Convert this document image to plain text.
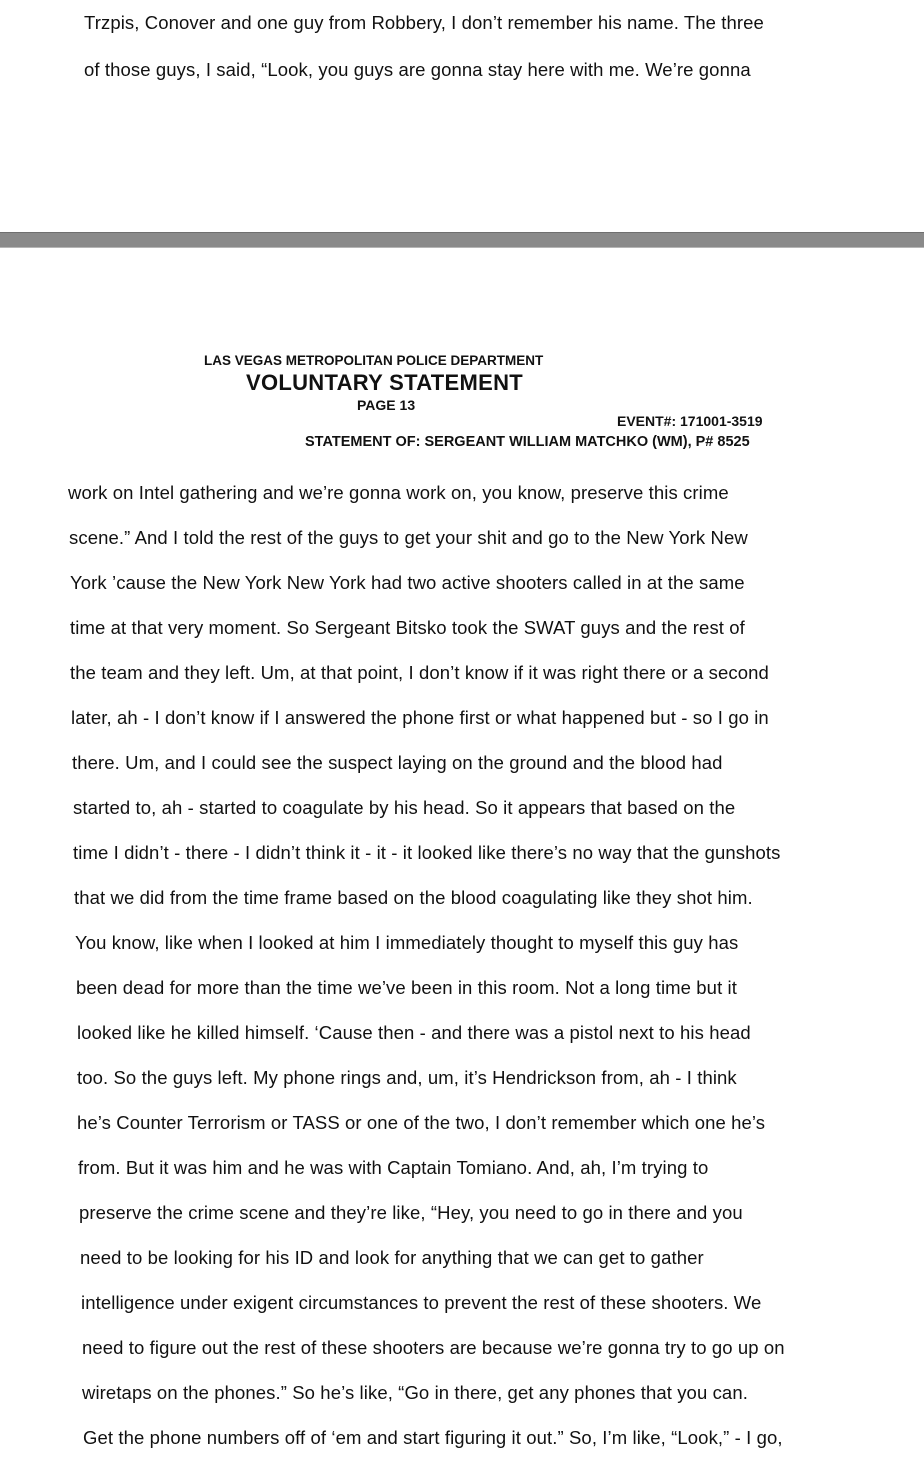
Trzpis, Conover and one guy from Robbery, I don’t remember his name. The three
of those guys, I said, “Look, you guys are gonna stay here with me. We’re gonna
LAS VEGAS METROPOLITAN POLICE DEPARTMENT
VOLUNTARY STATEMENT
PAGE 13
EVENT#: 171001-3519
STATEMENT OF: SERGEANT WILLIAM MATCHKO (WM), P# 8525
work on Intel gathering and we’re gonna work on, you know, preserve this crime
scene.” And I told the rest of the guys to get your shit and go to the New York New
York ’cause the New York New York had two active shooters called in at the same
time at that very moment. So Sergeant Bitsko took the SWAT guys and the rest of
the team and they left. Um, at that point, I don’t know if it was right there or a second
later, ah - I don’t know if I answered the phone first or what happened but - so I go in
there. Um, and I could see the suspect laying on the ground and the blood had
started to, ah - started to coagulate by his head. So it appears that based on the
time I didn’t - there - I didn’t think it - it - it looked like there’s no way that the gunshots
that we did from the time frame based on the blood coagulating like they shot him.
You know, like when I looked at him I immediately thought to myself this guy has
been dead for more than the time we’ve been in this room. Not a long time but it
looked like he killed himself. ‘Cause then - and there was a pistol next to his head
too. So the guys left. My phone rings and, um, it’s Hendrickson from, ah - I think
he’s Counter Terrorism or TASS or one of the two, I don’t remember which one he’s
from. But it was him and he was with Captain Tomiano. And, ah, I’m trying to
preserve the crime scene and they’re like, “Hey, you need to go in there and you
need to be looking for his ID and look for anything that we can get to gather
intelligence under exigent circumstances to prevent the rest of these shooters. We
need to figure out the rest of these shooters are because we’re gonna try to go up on
wiretaps on the phones.” So he’s like, “Go in there, get any phones that you can.
Get the phone numbers off of ‘em and start figuring it out.” So, I’m like, “Look,” - I go,
